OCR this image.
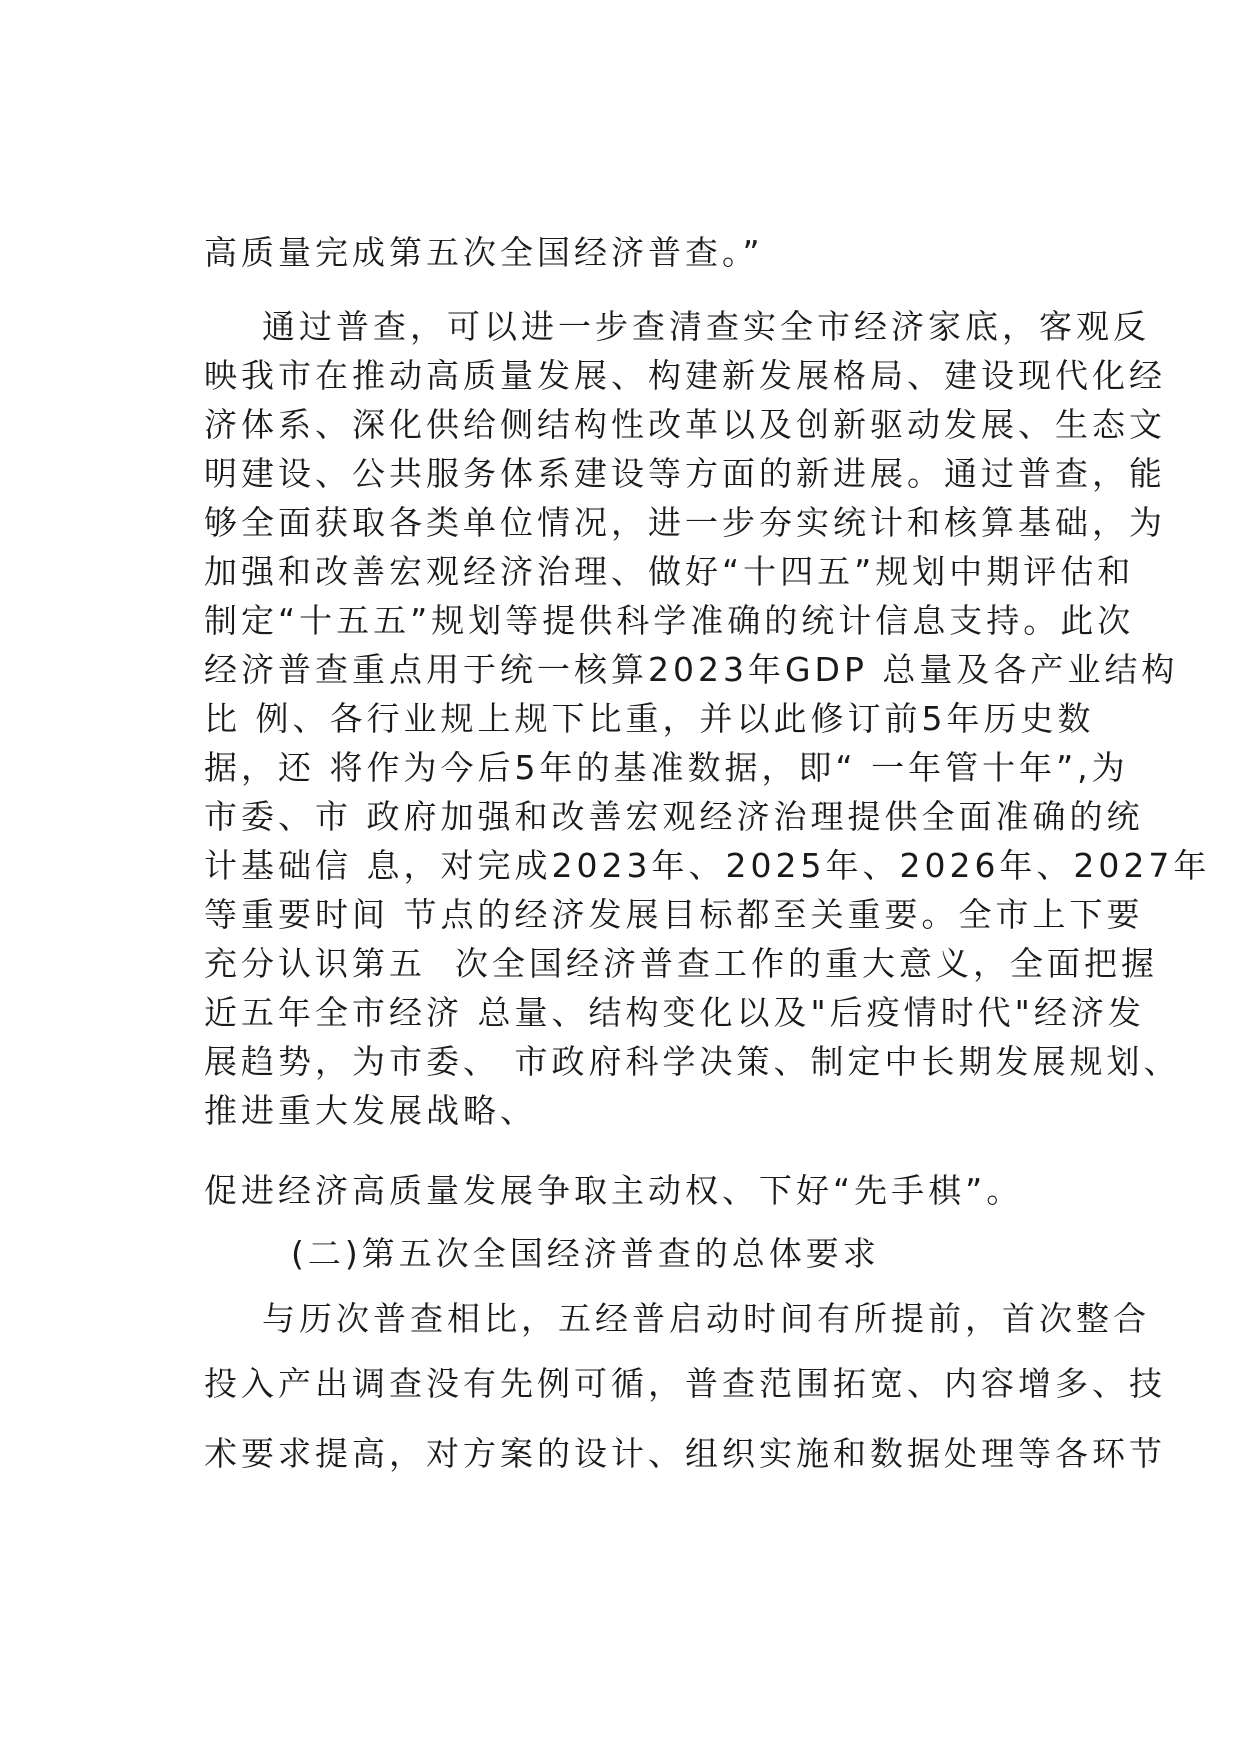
高质量完成第五次全国经济普查。”
通过普查，可以进一步查清查实全市经济家底，客观反
映我市在推动高质量发展、构建新发展格局、建设现代化经
济体系、深化供给侧结构性改革以及创新驱动发展、生态文
明建设、公共服务体系建设等方面的新进展。通过普查，能
够全面获取各类单位情况，进一步夯实统计和核算基础，为
加强和改善宏观经济治理、做好“十四五”规划中期评估和
制定“十五五”规划等提供科学准确的统计信息支持。此次
经济普查重点用于统一核算2023年GDP 总量及各产业结构
比 例、各行业规上规下比重，并以此修订前5年历史数
据，还 将作为今后5年的基准数据，即“ 一年管十年”,为
市委、市 政府加强和改善宏观经济治理提供全面准确的统
计基础信 息，对完成2023年、2025年、2026年、2027年
等重要时间 节点的经济发展目标都至关重要。全市上下要
充分认识第五  次全国经济普查工作的重大意义，全面把握
近五年全市经济 总量、结构变化以及"后疫情时代"经济发
展趋势，为市委、 市政府科学决策、制定中长期发展规划、
推进重大发展战略、
促进经济高质量发展争取主动权、下好“先手棋”。
(二)第五次全国经济普查的总体要求
与历次普查相比，五经普启动时间有所提前，首次整合
投入产出调查没有先例可循，普查范围拓宽、内容增多、技
术要求提高，对方案的设计、组织实施和数据处理等各环节
